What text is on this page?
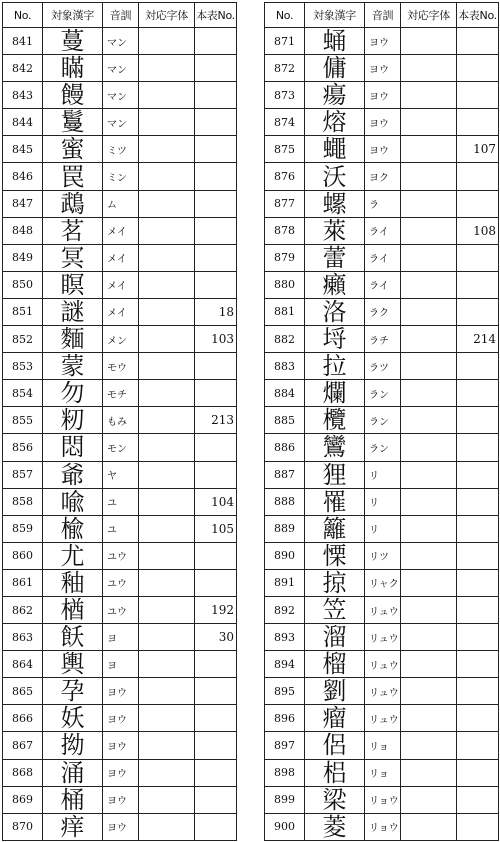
No.	対象漢字	音訓	対応字体	本表No.
841	蔓	マン		
842	瞞	マン		
843	饅	マン		
844	鬘	マン		
845	蜜	ミツ		
846	罠	ミン		
847	鵡	ム		
848	茗	メイ		
849	冥	メイ		
850	瞑	メイ		
851	謎	メイ		18
852	麵	メン		103
853	蒙	モウ		
854	勿	モチ		
855	籾	もみ		213
856	悶	モン		
857	爺	ヤ		
858	喩	ユ		104
859	楡	ユ		105
860	尤	ユウ		
861	釉	ユウ		
862	楢	ユウ		192
863	飫	ヨ		30
864	輿	ヨ		
865	孕	ヨウ		
866	妖	ヨウ		
867	拗	ヨウ		
868	涌	ヨウ		
869	桶	ヨウ		
870	痒	ヨウ		
No.	対象漢字	音訓	対応字体	本表No.
871	蛹	ヨウ		
872	傭	ヨウ		
873	瘍	ヨウ		
874	熔	ヨウ		
875	蠅	ヨウ		107
876	沃	ヨク		
877	螺	ラ		
878	萊	ライ		108
879	蕾	ライ		
880	癩	ライ		
881	洛	ラク		
882	埒	ラチ		214
883	拉	ラツ		
884	爛	ラン		
885	欖	ラン		
886	鸞	ラン		
887	狸	リ		
888	罹	リ		
889	籬	リ		
890	慄	リツ		
891	掠	リャク		
892	笠	リュウ		
893	溜	リュウ		
894	榴	リュウ		
895	劉	リュウ		
896	瘤	リュウ		
897	侶	リョ		
898	梠	リョ		
899	梁	リョウ		
900	菱	リョウ		
